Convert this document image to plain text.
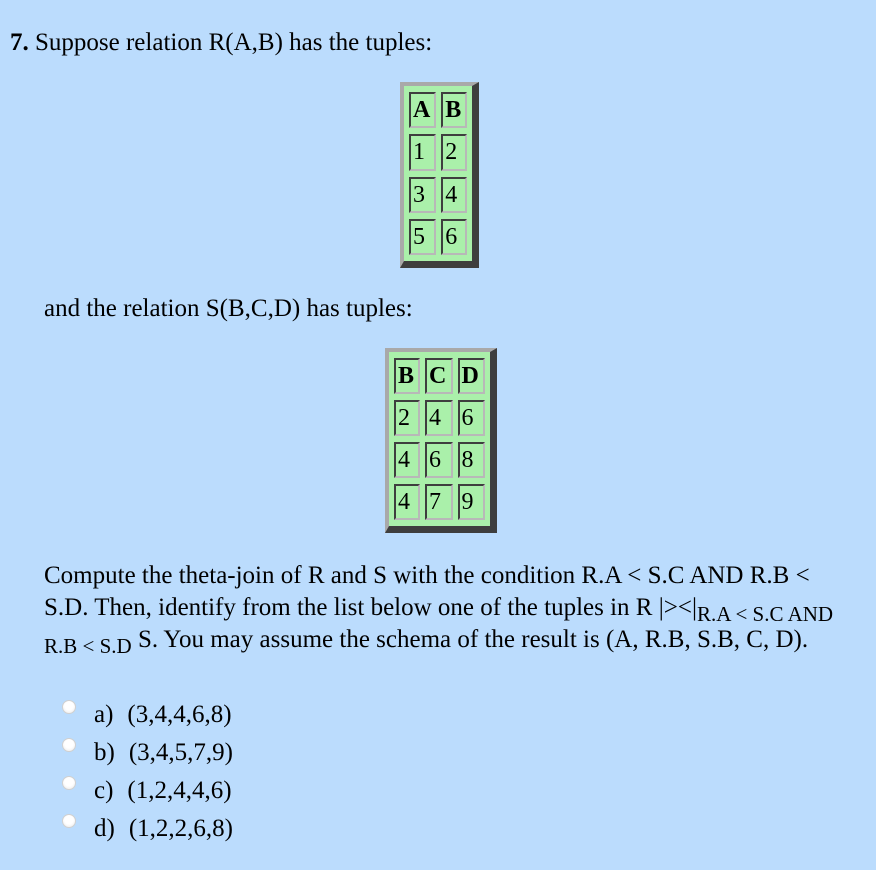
7. Suppose relation R(A,B) has the tuples:
A	B
1	2
3	4
5	6
and the relation S(B,C,D) has tuples:
B	C	D
2	4	6
4	6	8
4	7	9
Compute the theta-join of R and S with the condition R.A < S.C AND R.B < S.D. Then, identify from the list below one of the tuples in R $|><|_{R.A < S.C AND R.B < S.D}$ S. You may assume the schema of the result is (A, R.B, S.B, C, D).
a) (3,4,4,6,8)
b) (3,4,5,7,9)
c) (1,2,4,4,6)
d) (1,2,2,6,8)
